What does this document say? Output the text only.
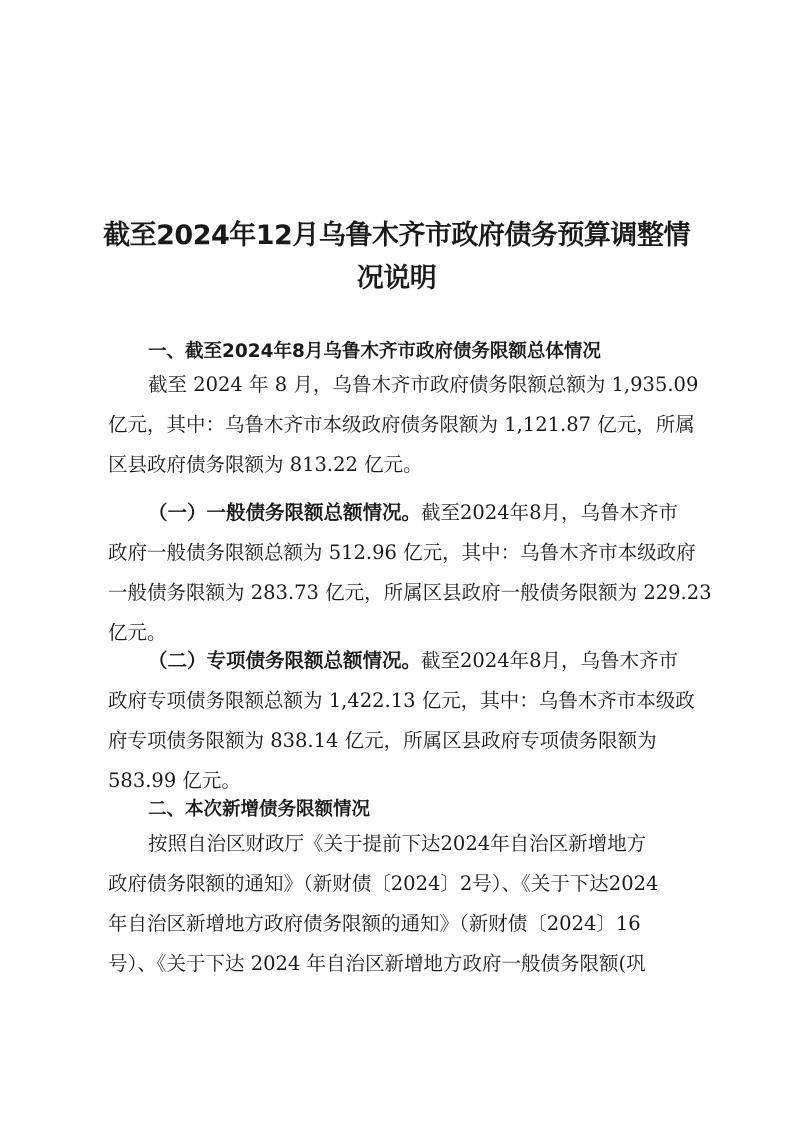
截至2024年12月乌鲁木齐市政府债务预算调整情
况说明
一、截至2024年8月乌鲁木齐市政府债务限额总体情况
截至 2024 年 8 月，乌鲁木齐市政府债务限额总额为 1,935.09
亿元，其中：乌鲁木齐市本级政府债务限额为 1,121.87 亿元，所属
区县政府债务限额为 813.22 亿元。
（一）一般债务限额总额情况。截至2024年8月，乌鲁木齐市
政府一般债务限额总额为 512.96 亿元，其中：乌鲁木齐市本级政府
一般债务限额为 283.73 亿元，所属区县政府一般债务限额为 229.23
亿元。
（二）专项债务限额总额情况。截至2024年8月，乌鲁木齐市
政府专项债务限额总额为 1,422.13 亿元，其中：乌鲁木齐市本级政
府专项债务限额为 838.14 亿元，所属区县政府专项债务限额为
583.99 亿元。
二、本次新增债务限额情况
按照自治区财政厅《关于提前下达2024年自治区新增地方
政府债务限额的通知》（新财债〔2024〕2号）、《关于下达2024
年自治区新增地方政府债务限额的通知》（新财债〔2024〕16
号）、《关于下达 2024 年自治区新增地方政府一般债务限额(巩
